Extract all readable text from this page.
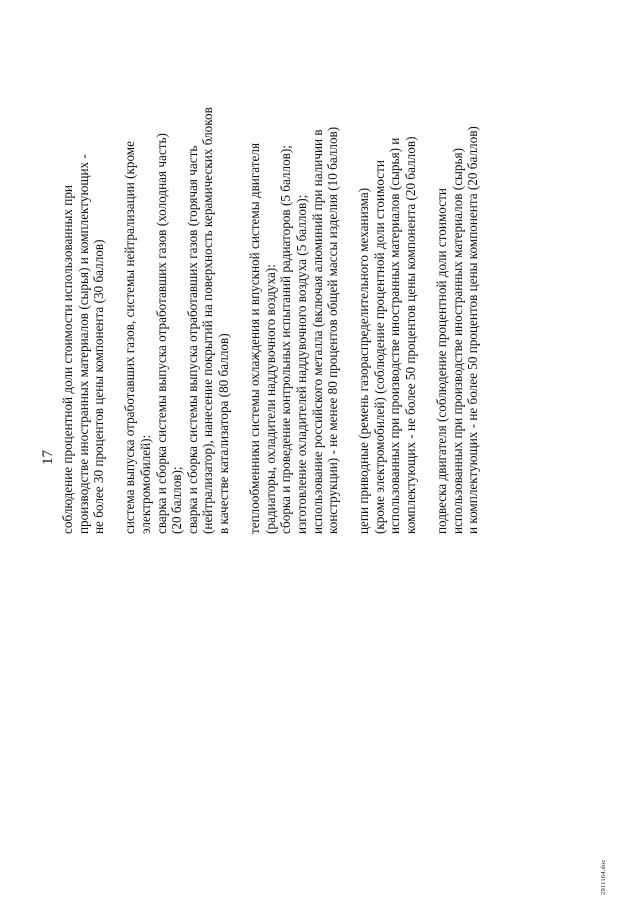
17 соблюдение процентной доли стоимости использованных при производстве иностранных материалов (сырья) и комплектующих - не более 30 процентов цены компонента (30 баллов) система выпуска отработавших газов, системы нейтрализации (кроме электромобилей): сварка и сборка системы выпуска отработавших газов (холодная часть) (20 баллов); сварка и сборка системы выпуска отработавших газов (горячая часть (нейтрализатор), нанесение покрытий на поверхность керамических блоков в качестве катализатора (80 баллов) теплообменники системы охлаждения и впускной системы двигателя (радиаторы, охладители наддувочного воздуха): сборка и проведение контрольных испытаний радиаторов (5 баллов); изготовление охладителей наддувочного воздуха (5 баллов); использование российского металла (включая алюминий при наличии в конструкции) - не менее 80 процентов общей массы изделия (10 баллов) цепи приводные (ремень газораспределительного механизма) (кроме электромобилей) (соблюдение процентной доли стоимости использованных при производстве иностранных материалов (сырья) и комплектующих - не более 50 процентов цены компонента (20 баллов) подвеска двигателя (соблюдение процентной доли стоимости использованных при производстве иностранных материалов (сырья) и комплектующих - не более 50 процентов цены компонента (20 баллов)
2911164.doc
